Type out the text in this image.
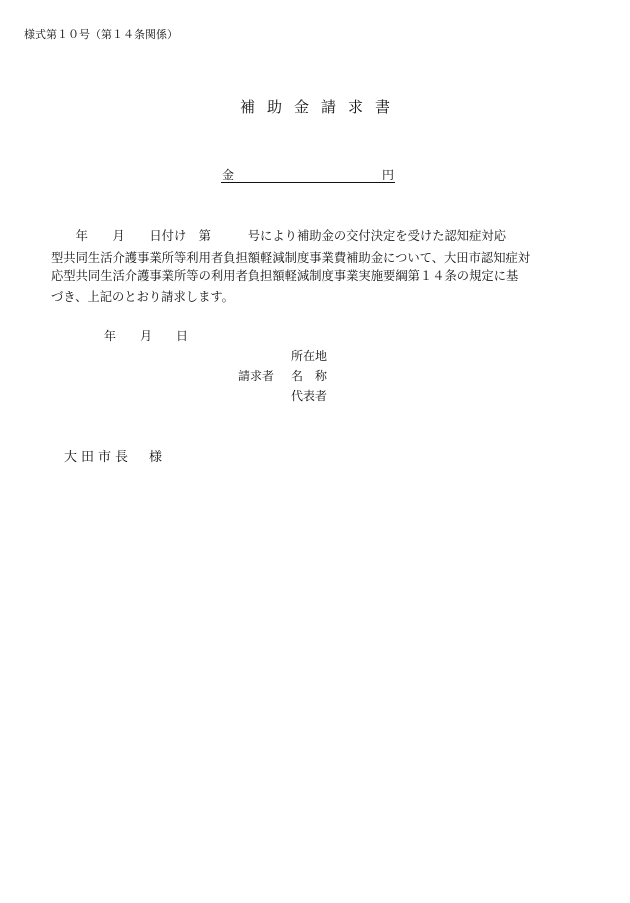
様式第１０号（第１４条関係）
補助金請求書
金	円
　　年　　月　　日付け　第　　　号により補助金の交付決定を受けた認知症対応
型共同生活介護事業所等利用者負担額軽減制度事業費補助金について、大田市認知症対
応型共同生活介護事業所等の利用者負担額軽減制度事業実施要綱第１４条の規定に基
づき、上記のとおり請求します。
年　　月　　日
所在地
請求者 名　称
代表者
大田市長　様
